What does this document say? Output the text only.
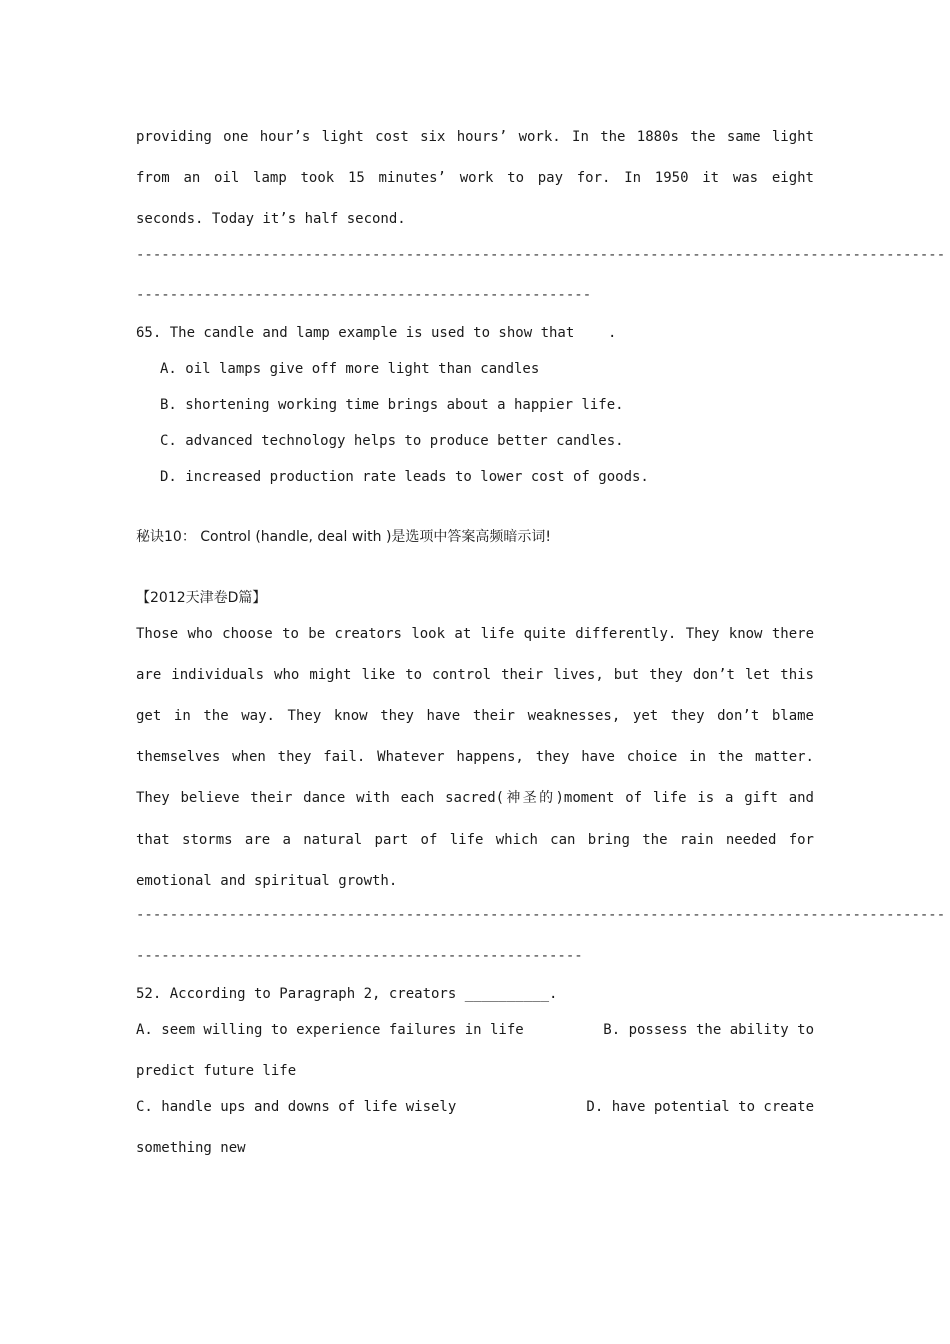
providing one hour’s light cost six hours’ work. In the 1880s the same light
from an oil lamp took 15 minutes’ work to pay for. In 1950 it was eight
seconds. Today it’s half second.
------------------------------------------------------------------------------------------------
------------------------------------------------------
65. The candle and lamp example is used to show that    .
A. oil lamps give off more light than candles
B. shortening working time brings about a happier life.
C. advanced technology helps to produce better candles.
D. increased production rate leads to lower cost of goods.
秘诀10： Control (handle, deal with )是选项中答案高频暗示词!
【2012天津卷D篇】
Those who choose to be creators look at life quite differently. They know there
are individuals who might like to control their lives, but they don’t let this
get in the way. They know they have their weaknesses, yet they don’t blame
themselves when they fail. Whatever happens, they have choice in the matter.
They believe their dance with each sacred(神圣的)moment of life is a gift and
that storms are a natural part of life which can bring the rain needed for
emotional and spiritual growth.
------------------------------------------------------------------------------------------------
-----------------------------------------------------
52. According to Paragraph 2, creators __________.
A. seem willing to experience failures in life	B. possess the ability to
predict future life
C. handle ups and downs of life wisely	D. have potential to create
something new
